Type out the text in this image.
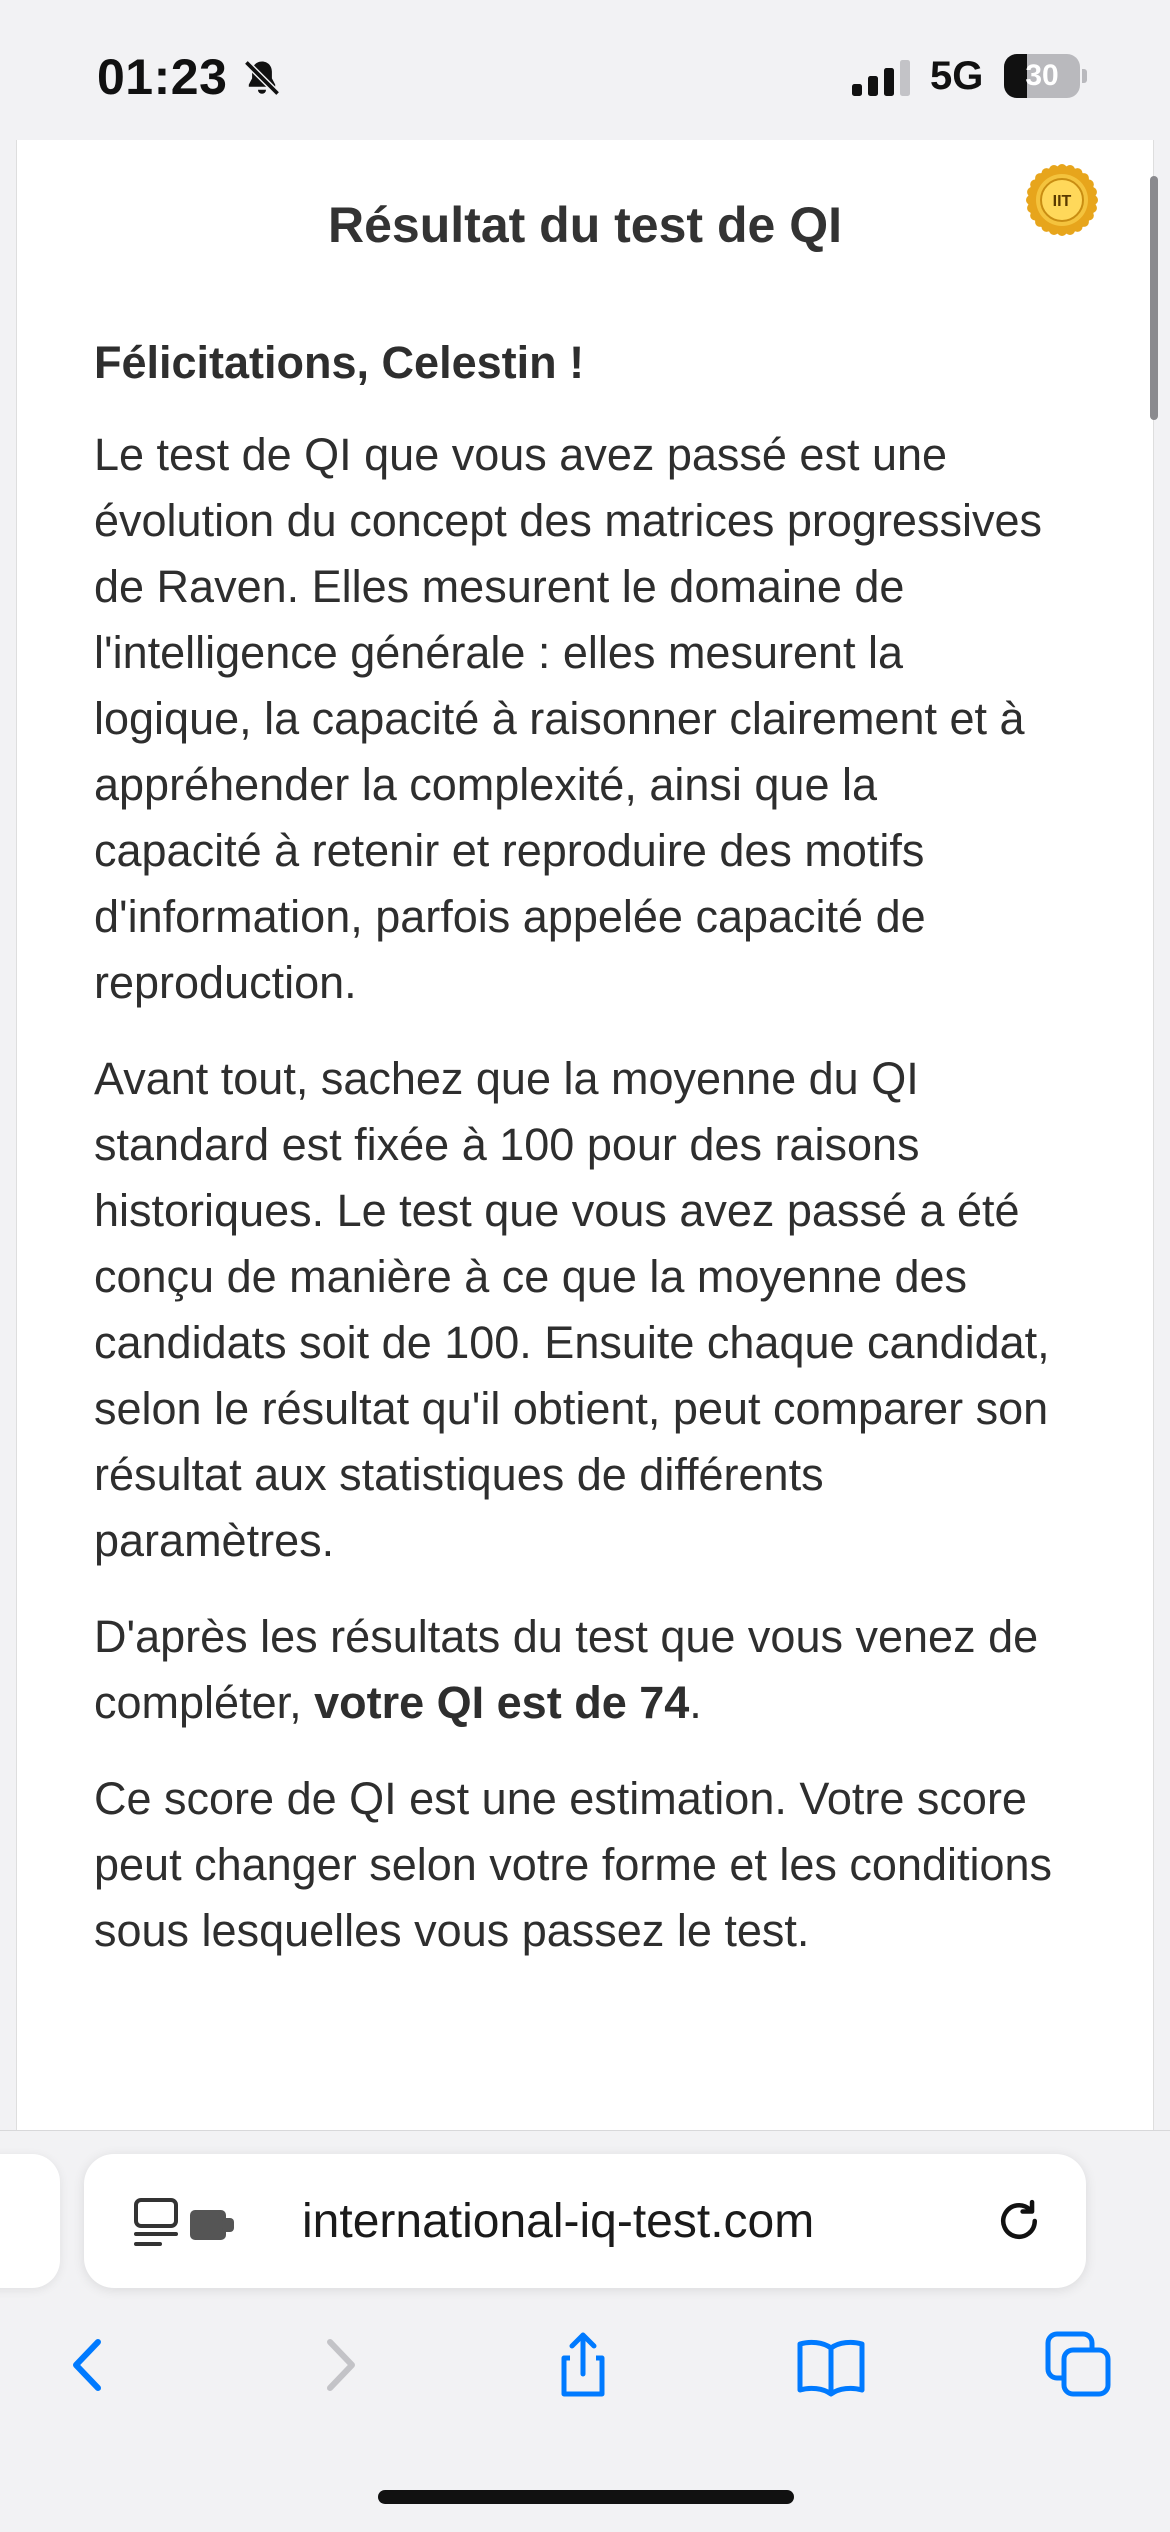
01:23	5G	30
Résultat du test de QI	IIT
Félicitations, Celestin !

Le test de QI que vous avez passé est une évolution du concept des matrices progressives de Raven. Elles mesurent le domaine de l'intelligence générale : elles mesurent la logique, la capacité à raisonner clairement et à appréhender la complexité, ainsi que la capacité à retenir et reproduire des motifs d'information, parfois appelée capacité de reproduction.

Avant tout, sachez que la moyenne du QI standard est fixée à 100 pour des raisons historiques. Le test que vous avez passé a été conçu de manière à ce que la moyenne des candidats soit de 100. Ensuite chaque candidat, selon le résultat qu'il obtient, peut comparer son résultat aux statistiques de différents paramètres.

D'après les résultats du test que vous venez de compléter, votre QI est de 74.

Ce score de QI est une estimation. Votre score peut changer selon votre forme et les conditions sous lesquelles vous passez le test.

international-iq-test.com
